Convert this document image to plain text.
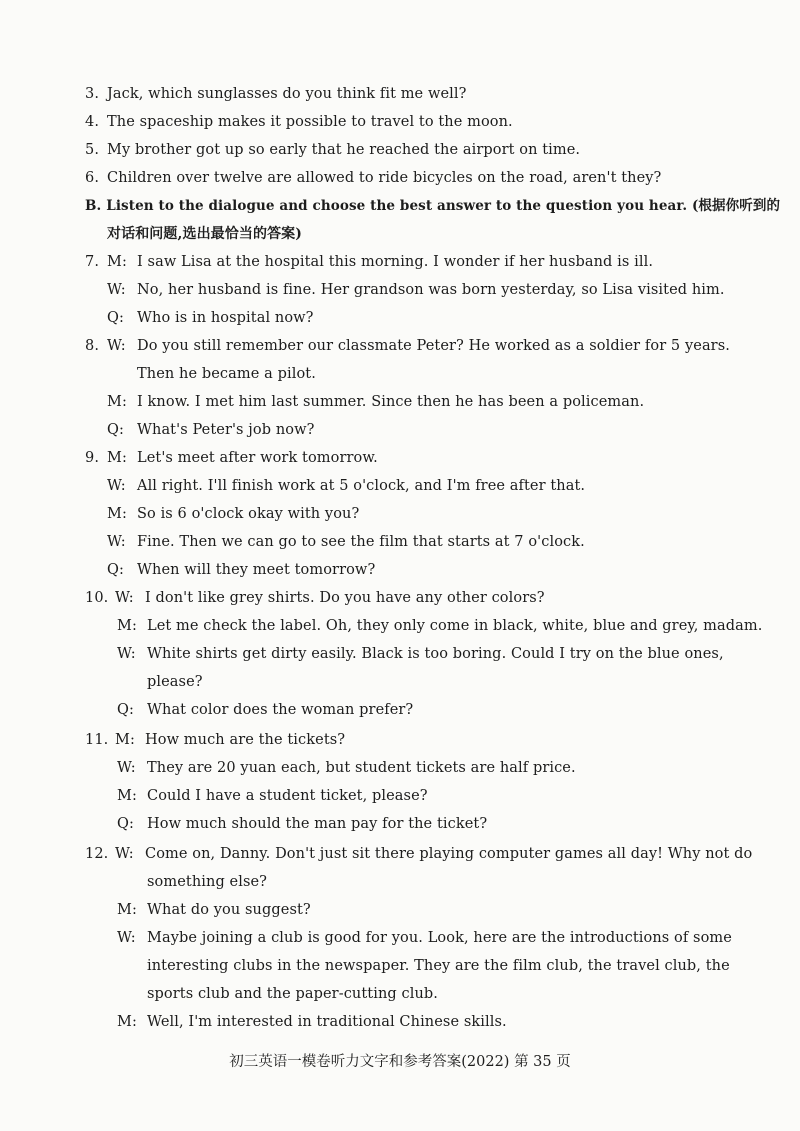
3. Jack, which sunglasses do you think fit me well?
4. The spaceship makes it possible to travel to the moon.
5. My brother got up so early that he reached the airport on time.
6. Children over twelve are allowed to ride bicycles on the road, aren't they?
B. Listen to the dialogue and choose the best answer to the question you hear. (根据你听到的
对话和问题,选出最恰当的答案)
7. M: I saw Lisa at the hospital this morning. I wonder if her husband is ill.
W: No, her husband is fine. Her grandson was born yesterday, so Lisa visited him.
Q: Who is in hospital now?
8. W: Do you still remember our classmate Peter? He worked as a soldier for 5 years.
Then he became a pilot.
M: I know. I met him last summer. Since then he has been a policeman.
Q: What's Peter's job now?
9. M: Let's meet after work tomorrow.
W: All right. I'll finish work at 5 o'clock, and I'm free after that.
M: So is 6 o'clock okay with you?
W: Fine. Then we can go to see the film that starts at 7 o'clock.
Q: When will they meet tomorrow?
10. W: I don't like grey shirts. Do you have any other colors?
M: Let me check the label. Oh, they only come in black, white, blue and grey, madam.
W: White shirts get dirty easily. Black is too boring. Could I try on the blue ones,
please?
Q: What color does the woman prefer?
11. M: How much are the tickets?
W: They are 20 yuan each, but student tickets are half price.
M: Could I have a student ticket, please?
Q: How much should the man pay for the ticket?
12. W: Come on, Danny. Don't just sit there playing computer games all day! Why not do
something else?
M: What do you suggest?
W: Maybe joining a club is good for you. Look, here are the introductions of some
interesting clubs in the newspaper. They are the film club, the travel club, the
sports club and the paper-cutting club.
M: Well, I'm interested in traditional Chinese skills.
初三英语一模卷听力文字和参考答案(2022) 第 35 页
